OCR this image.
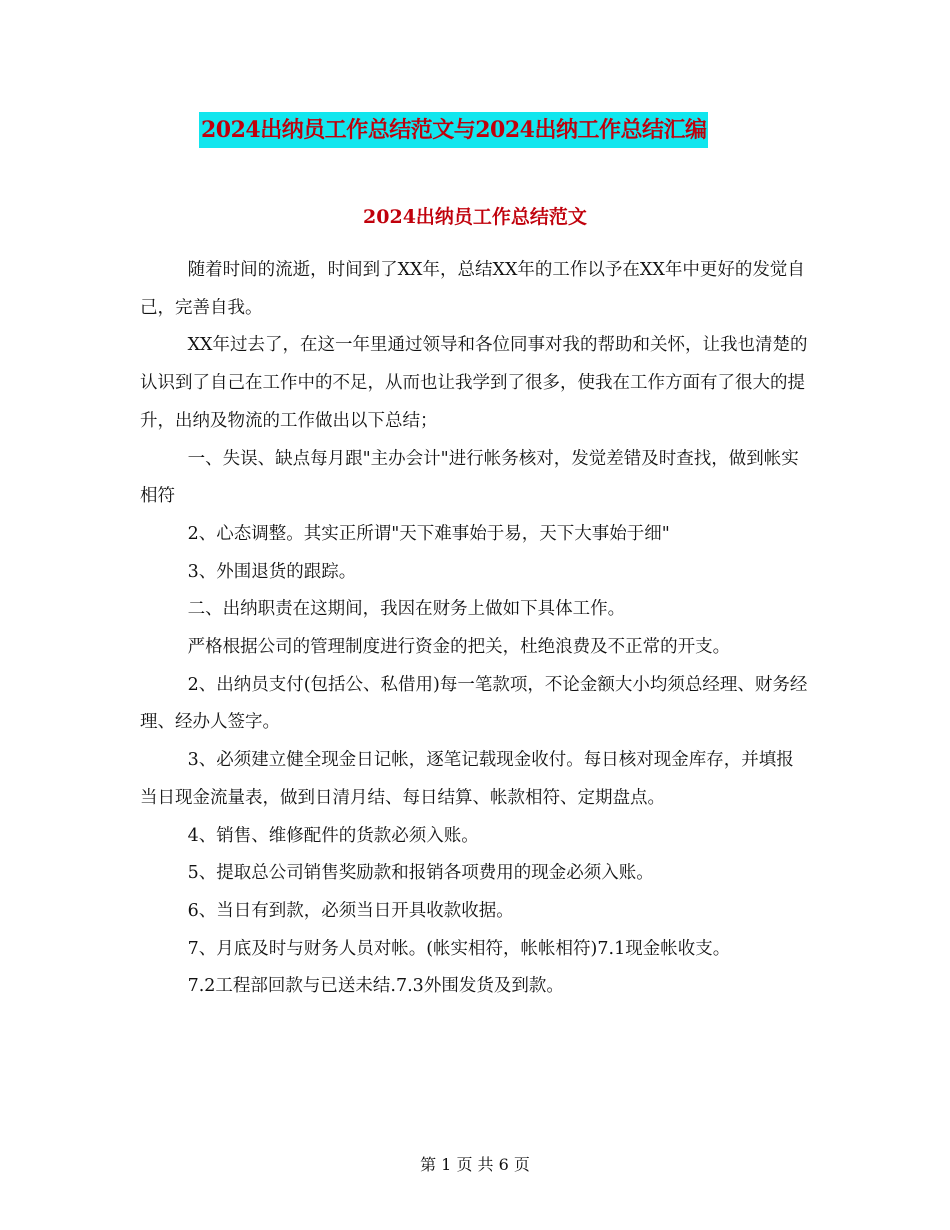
2024出纳员工作总结范文与2024出纳工作总结汇编
2024出纳员工作总结范文

随着时间的流逝，时间到了XX年，总结XX年的工作以予在XX年中更好的发觉自己，完善自我。

XX年过去了，在这一年里通过领导和各位同事对我的帮助和关怀，让我也清楚的认识到了自己在工作中的不足，从而也让我学到了很多，使我在工作方面有了很大的提升，出纳及物流的工作做出以下总结；

一、失误、缺点每月跟"主办会计"进行帐务核对，发觉差错及时查找，做到帐实相符

2、心态调整。其实正所谓"天下难事始于易，天下大事始于细"

3、外围退货的跟踪。

二、出纳职责在这期间，我因在财务上做如下具体工作。

严格根据公司的管理制度进行资金的把关，杜绝浪费及不正常的开支。

2、出纳员支付(包括公、私借用)每一笔款项，不论金额大小均须总经理、财务经理、经办人签字。

3、必须建立健全现金日记帐，逐笔记载现金收付。每日核对现金库存，并填报当日现金流量表，做到日清月结、每日结算、帐款相符、定期盘点。

4、销售、维修配件的货款必须入账。

5、提取总公司销售奖励款和报销各项费用的现金必须入账。

6、当日有到款，必须当日开具收款收据。

7、月底及时与财务人员对帐。(帐实相符，帐帐相符)7.1现金帐收支。

7.2工程部回款与已送未结.7.3外围发货及到款。

第 1 页 共 6 页
